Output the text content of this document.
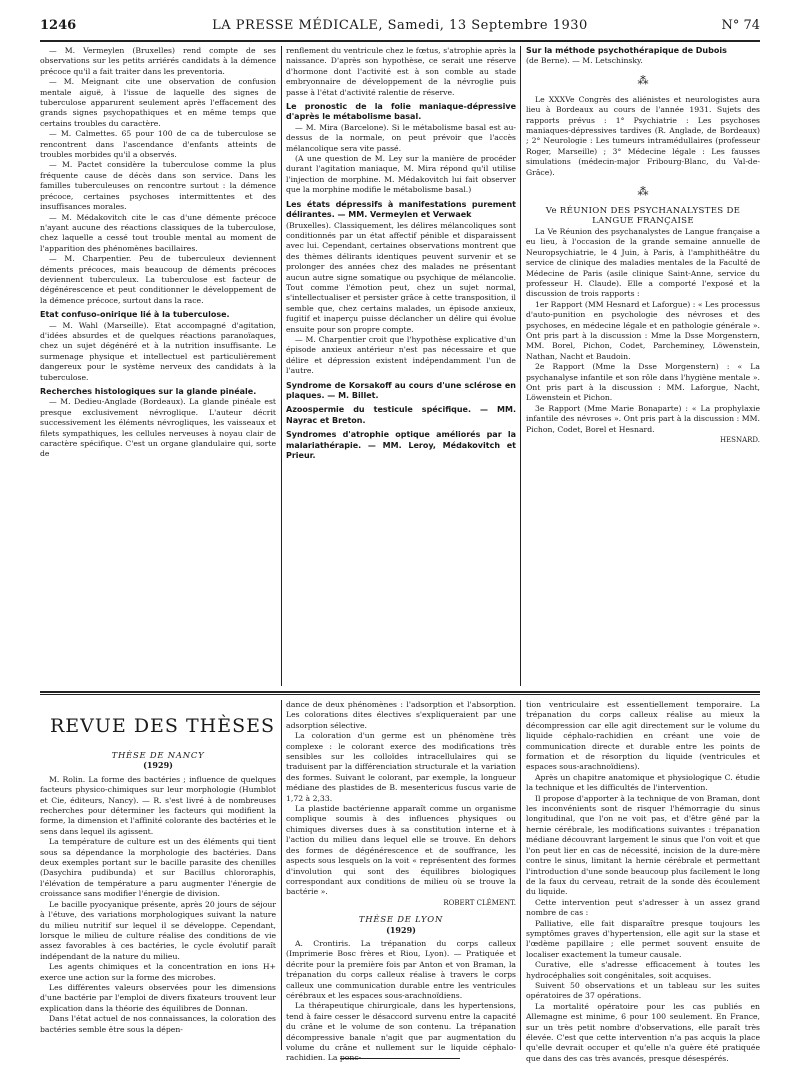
LA PRESSE MÉDICALE, Samedi, 13 Septembre 1930
1246	N° 74

— M. Vermeylen (Bruxelles) rend compte de ses observations sur les petits arriérés candidats à la démence précoce qu'il a fait traiter dans les preventoria.

— M. Meignant cite une observation de confusion mentale aiguë, à l'issue de laquelle des signes de tuberculose apparurent seulement après l'effacement des grands signes psychopathiques et en même temps que certains troubles du caractère.

— M. Calmettes. 65 pour 100 de ca de tuberculose se rencontrent dans l'ascendance d'enfants atteints de troubles morbides qu'il a observés.

— M. Pactet considère la tuberculose comme la plus fréquente cause de décès dans son service. Dans les familles tuberculeuses on rencontre surtout : la démence précoce, certaines psychoses intermittentes et des insuffisances morales.

— M. Médakovitch cite le cas d'une démente précoce n'ayant aucune des réactions classiques de la tuberculose, chez laquelle a cessé tout trouble mental au moment de l'apparition des phénomènes bacillaires.

— M. Charpentier. Peu de tuberculeux deviennent déments précoces, mais beaucoup de déments précoces deviennent tuberculeux. La tuberculose est facteur de dégénérescence et peut conditionner le développement de la démence précoce, surtout dans la race.

Etat confuso-onirique lié à la tuberculose.

— M. Wahl (Marseille). Etat accompagné d'agitation, d'idées absurdes et de quelques réactions paranoïaques, chez un sujet dégénéré et à la nutrition insuffisante. Le surmenage physique et intellectuel est particulièrement dangereux pour le système nerveux des candidats à la tuberculose.

Recherches histologiques sur la glande pinéale.

— M. Dedieu-Anglade (Bordeaux). La glande pinéale est presque exclusivement névroglique. L'auteur décrit successivement les éléments névrogliques, les vaisseaux et filets sympathiques, les cellules nerveuses à noyau clair de caractère spécifique. C'est un organe glandulaire qui, sorte de

renflement du ventricule chez le fœtus, s'atrophie après la naissance. D'après son hypothèse, ce serait une réserve d'hormone dont l'activité est à son comble au stade embryonnaire de développement de la névroglie puis passe à l'état d'activité ralentie de réserve.

Le pronostic de la folie maniaque-dépressive d'après le métabolisme basal.

— M. Mira (Barcelone). Si le métabolisme basal est au-dessus de la normale, on peut prévoir que l'accès mélancolique sera vite passé.

(A une question de M. Ley sur la manière de procéder durant l'agitation maniaque, M. Mira répond qu'il utilise l'injection de morphine. M. Médakovitch lui fait observer que la morphine modifie le métabolisme basal.)

Les états dépressifs à manifestations purement délirantes. — MM. Vermeylen et Verwaek

(Bruxelles). Classiquement, les délires mélancoliques sont conditionnés par un état affectif pénible et disparaissent avec lui. Cependant, certaines observations montrent que des thèmes délirants identiques peuvent survenir et se prolonger des années chez des malades ne présentant aucun autre signe somatique ou psychique de mélancolie. Tout comme l'émotion peut, chez un sujet normal, s'intellectualiser et persister grâce à cette transposition, il semble que, chez certains malades, un épisode anxieux, fugitif et inaperçu puisse déclancher un délire qui évolue ensuite pour son propre compte.

— M. Charpentier croit que l'hypothèse explicative d'un épisode anxieux antérieur n'est pas nécessaire et que délire et dépression existent indépendamment l'un de l'autre.

Syndrome de Korsakoff au cours d'une sclérose en plaques. — M. Billet.

Azoospermie du testicule spécifique. — MM. Nayrac et Breton.

Syndromes d'atrophie optique améliorés par la malariathérapie. — MM. Leroy, Médakovitch et Prieur.

Sur la méthode psychothérapique de Dubois

(de Berne). — M. Letschinsky.

⁂

Le XXXVe Congrès des aliénistes et neurologistes aura lieu à Bordeaux au cours de l'année 1931. Sujets des rapports prévus : 1° Psychiatrie : Les psychoses maniaques-dépressives tardives (R. Anglade, de Bordeaux) ; 2° Neurologie : Les tumeurs intramédullaires (professeur Roger, Marseille) ; 3° Médecine légale : Les fausses simulations (médecin-major Fribourg-Blanc, du Val-de-Grâce).

⁂

Ve RÉUNION DES PSYCHANALYSTES DE LANGUE FRANÇAISE

La Ve Réunion des psychanalystes de Langue française a eu lieu, à l'occasion de la grande semaine annuelle de Neuropsychiatrie, le 4 Juin, à Paris, à l'amphithéâtre du service de clinique des maladies mentales de la Faculté de Médecine de Paris (asile clinique Saint-Anne, service du professeur H. Claude). Elle a comporté l'exposé et la discussion de trois rapports :

1er Rapport (MM Hesnard et Laforgue) : « Les processus d'auto-punition en psychologie des névroses et des psychoses, en médecine légale et en pathologie générale ». Ont pris part à la discussion : Mme la Dsse Morgenstern, MM. Borel, Pichon, Codet, Parcheminey, Löwenstein, Nathan, Nacht et Baudoin.

2e Rapport (Mme la Dsse Morgenstern) : « La psychanalyse infantile et son rôle dans l'hygiène mentale ». Ont pris part à la discussion : MM. Laforgue, Nacht, Löwenstein et Pichon.

3e Rapport (Mme Marie Bonaparte) : « La prophylaxie infantile des névroses ». Ont pris part à la discussion : MM. Pichon, Codet, Borel et Hesnard.

HESNARD.

REVUE DES THÈSES

THÈSE DE NANCY

(1929)

M. Rolin. La forme des bactéries ; influence de quelques facteurs physico-chimiques sur leur morphologie (Humblot et Cie, éditeurs, Nancy). — R. s'est livré à de nombreuses recherches pour déterminer les facteurs qui modifient la forme, la dimension et l'affinité colorante des bactéries et le sens dans lequel ils agissent.

La température de culture est un des éléments qui tient sous sa dépendance la morphologie des bactéries. Dans deux exemples portant sur le bacille parasite des chenilles (Dasychira pudibunda) et sur Bacillus chlororaphis, l'élévation de température a paru augmenter l'énergie de croissance sans modifier l'énergie de division.

Le bacille pyocyanique présente, après 20 jours de séjour à l'étuve, des variations morphologiques suivant la nature du milieu nutritif sur lequel il se développe. Cependant, lorsque le milieu de culture réalise des conditions de vie assez favorables à ces bactéries, le cycle évolutif paraît indépendant de la nature du milieu.

Les agents chimiques et la concentration en ions H+ exerce une action sur la forme des microbes.

Les différentes valeurs observées pour les dimensions d'une bactérie par l'emploi de divers fixateurs trouvent leur explication dans la théorie des équilibres de Donnan.

Dans l'état actuel de nos connaissances, la coloration des bactéries semble être sous la dépen-

dance de deux phénomènes : l'adsorption et l'absorption. Les colorations dites électives s'expliqueraient par une adsorption sélective.

La coloration d'un germe est un phénomène très complexe : le colorant exerce des modifications très sensibles sur les colloïdes intracellulaires qui se traduisent par la différenciation structurale et la variation des formes. Suivant le colorant, par exemple, la longueur médiane des plastides de B. mesentericus fuscus varie de 1,72 à 2,33.

La plastide bactérienne apparaît comme un organisme complique soumis à des influences physiques ou chimiques diverses dues à sa constitution interne et à l'action du milieu dans lequel elle se trouve. En dehors des formes de dégénérescence et de souffrance, les aspects sous lesquels on la voit « représentent des formes d'involution qui sont des équilibres biologiques correspondant aux conditions de milieu où se trouve la bactérie ».

ROBERT CLÉMENT.

THÈSE DE LYON

(1929)

A. Crontiris. La trépanation du corps calleux (Imprimerie Bosc frères et Riou, Lyon). — Pratiquée et décrite pour la première fois par Anton et von Braman, la trépanation du corps calleux réalise à travers le corps calleux une communication durable entre les ventricules cérébraux et les espaces sous-arachnoïdiens.

La thérapeutique chirurgicale, dans les hypertensions, tend à faire cesser le désaccord survenu entre la capacité du crâne et le volume de son contenu. La trépanation décompressive banale n'agit que par augmentation du volume du crâne et nullement sur le liquide céphalo-rachidien. La ponc-

tion ventriculaire est essentiellement temporaire. La trépanation du corps calleux réalise au mieux la décompression car elle agit directement sur le volume du liquide céphalo-rachidien en créant une voie de communication directe et durable entre les points de formation et de résorption du liquide (ventricules et espaces sous-arachnoïdiens).

Après un chapitre anatomique et physiologique C. étudie la technique et les difficultés de l'intervention.

Il propose d'apporter à la technique de von Braman, dont les inconvénients sont de risquer l'hémorragie du sinus longitudinal, que l'on ne voit pas, et d'être gêné par la hernie cérébrale, les modifications suivantes : trépanation médiane découvrant largement le sinus que l'on voit et que l'on peut lier en cas de nécessité, incision de la dure-mère contre le sinus, limitant la hernie cérébrale et permettant l'introduction d'une sonde beaucoup plus facilement le long de la faux du cerveau, retrait de la sonde dès écoulement du liquide.

Cette intervention peut s'adresser à un assez grand nombre de cas :

Palliative, elle fait disparaître presque toujours les symptômes graves d'hypertension, elle agit sur la stase et l'œdème papillaire ; elle permet souvent ensuite de localiser exactement la tumeur causale.

Curative, elle s'adresse efficacement à toutes les hydrocéphalies soit congénitales, soit acquises.

Suivent 50 observations et un tableau sur les suites opératoires de 37 opérations.

La mortalité opératoire pour les cas publiés en Allemagne est minime, 6 pour 100 seulement. En France, sur un très petit nombre d'observations, elle paraît très élevée. C'est que cette intervention n'a pas acquis la place qu'elle devrait occuper et qu'elle n'a guère été pratiquée que dans des cas très avancés, presque désespérés.
